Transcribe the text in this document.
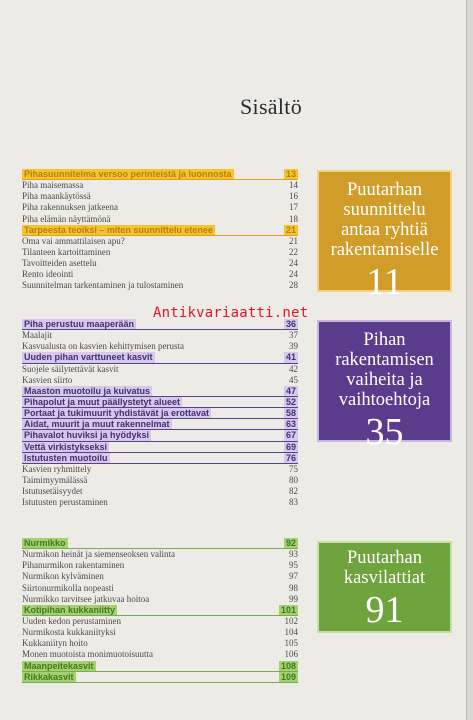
Sisältö
Pihasuunnitelma versoo perinteistä ja luonnosta	13
Piha maisemassa	14
Piha maankäytössä	16
Piha rakennuksen jatkeena	17
Piha elämän näyttämönä	18
Tarpeesta teoiksi – miten suunnittelu etenee	21
Oma vai ammattilaisen apu?	21
Tilanteen kartoittaminen	22
Tavoitteiden asettelu	24
Rento ideointi	24
Suunnitelman tarkentaminen ja tulostaminen	28
Piha perustuu maaperään	36
Maalajit	37
Kasvualusta on kasvien kehittymisen perusta	39
Uuden pihan varttuneet kasvit	41
Suojele säilytettävät kasvit	42
Kasvien siirto	45
Maaston muotoilu ja kuivatus	47
Pihapolut ja muut päällystetyt alueet	52
Portaat ja tukimuurit yhdistävät ja erottavat	58
Aidat, muurit ja muut rakennelmat	63
Pihavalot huviksi ja hyödyksi	67
Vettä virkistykseksi	69
Istutusten muotoilu	76
Kasvien ryhmittely	75
Taimimyymälässä	80
Istutusetäisyydet	82
Istutusten perustaminen	83
Nurmikko	92
Nurmikon heinät ja siemenseoksen valinta	93
Pihanurmikon rakentaminen	95
Nurmikon kylväminen	97
Siirtonurmikolla nopeasti	98
Nurmikko tarvitsee jatkuvaa hoitoa	99
Kotipihan kukkaniitty	101
Uuden kedon perustaminen	102
Nurmikosta kukkaniityksi	104
Kukkaniityn hoito	105
Monen muotoista monimuotoisuutta	106
Maanpeitekasvit	108
Rikkakasvit	109
Puutarhan
suunnittelu
antaa ryhtiä
rakentamiselle
11
Pihan
rakentamisen
vaiheita ja
vaihtoehtoja
35
Puutarhan
kasvilattiat
91
Antikvariaatti.net
